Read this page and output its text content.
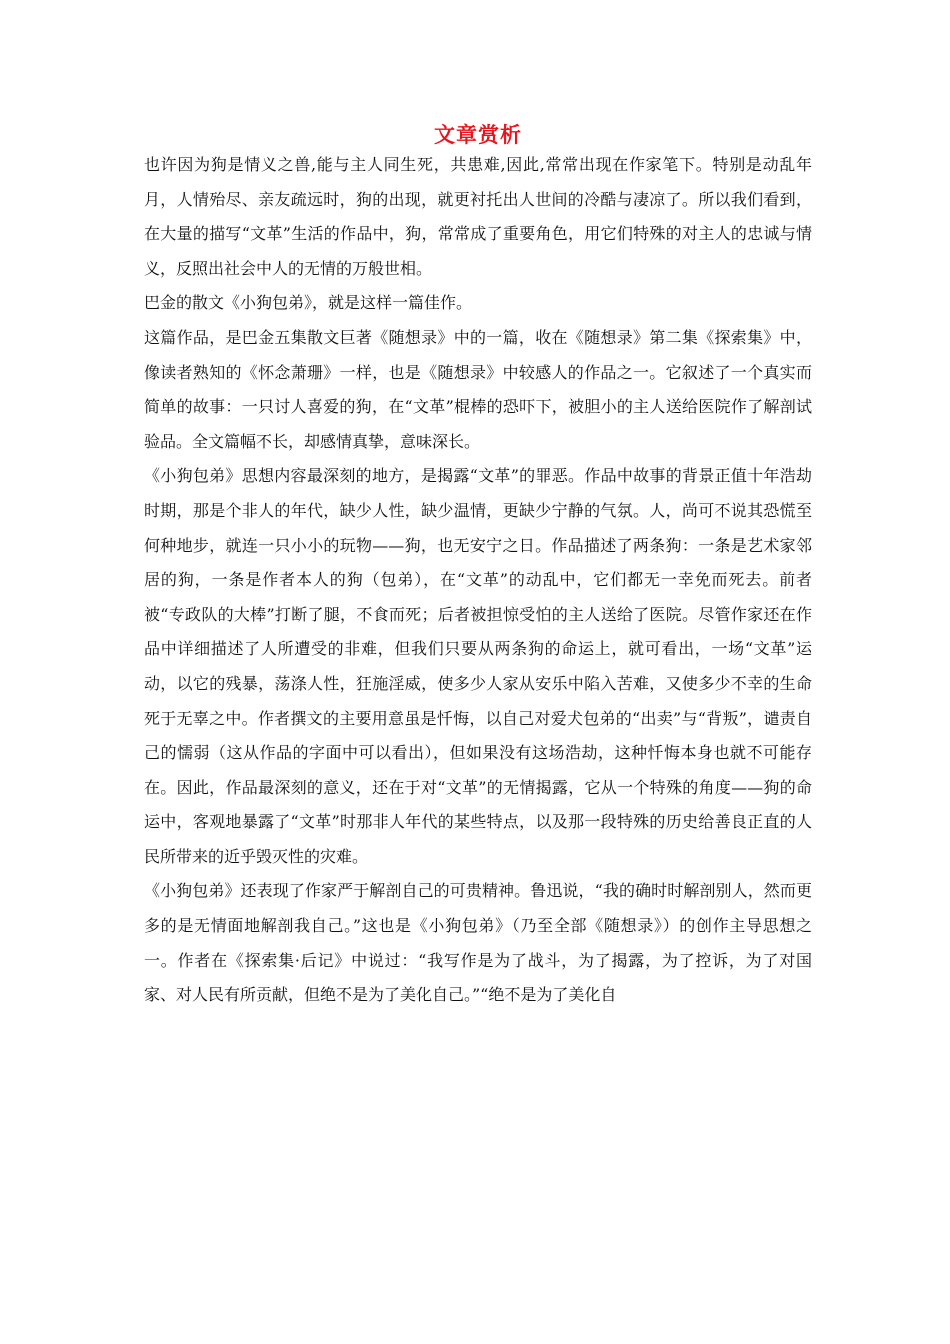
文章赏析

也许因为狗是情义之兽,能与主人同生死，共患难,因此,常常出现在作家笔下。特别是动乱年月，人情殆尽、亲友疏远时，狗的出现，就更衬托出人世间的冷酷与凄凉了。所以我们看到，在大量的描写“文革”生活的作品中，狗，常常成了重要角色，用它们特殊的对主人的忠诚与情义，反照出社会中人的无情的万般世相。

巴金的散文《小狗包弟》，就是这样一篇佳作。

这篇作品，是巴金五集散文巨著《随想录》中的一篇，收在《随想录》第二集《探索集》中，像读者熟知的《怀念萧珊》一样，也是《随想录》中较感人的作品之一。它叙述了一个真实而简单的故事：一只讨人喜爱的狗，在“文革”棍棒的恐吓下，被胆小的主人送给医院作了解剖试验品。全文篇幅不长，却感情真挚，意味深长。

《小狗包弟》思想内容最深刻的地方，是揭露“文革”的罪恶。作品中故事的背景正值十年浩劫时期，那是个非人的年代，缺少人性，缺少温情，更缺少宁静的气氛。人，尚可不说其恐慌至何种地步，就连一只小小的玩物——狗，也无安宁之日。作品描述了两条狗：一条是艺术家邻居的狗，一条是作者本人的狗（包弟），在“文革”的动乱中，它们都无一幸免而死去。前者被“专政队的大棒”打断了腿，不食而死；后者被担惊受怕的主人送给了医院。尽管作家还在作品中详细描述了人所遭受的非难，但我们只要从两条狗的命运上，就可看出，一场“文革”运动，以它的残暴，荡涤人性，狂施淫威，使多少人家从安乐中陷入苦难，又使多少不幸的生命死于无辜之中。作者撰文的主要用意虽是忏悔，以自己对爱犬包弟的“出卖”与“背叛”，谴责自己的懦弱（这从作品的字面中可以看出），但如果没有这场浩劫，这种忏悔本身也就不可能存在。因此，作品最深刻的意义，还在于对“文革”的无情揭露，它从一个特殊的角度——狗的命运中，客观地暴露了“文革”时那非人年代的某些特点，以及那一段特殊的历史给善良正直的人民所带来的近乎毁灭性的灾难。

《小狗包弟》还表现了作家严于解剖自己的可贵精神。鲁迅说，“我的确时时解剖别人，然而更多的是无情面地解剖我自己。”这也是《小狗包弟》（乃至全部《随想录》）的创作主导思想之一。作者在《探索集·后记》中说过：“我写作是为了战斗，为了揭露，为了控诉，为了对国家、对人民有所贡献，但绝不是为了美化自己。”“绝不是为了美化自
